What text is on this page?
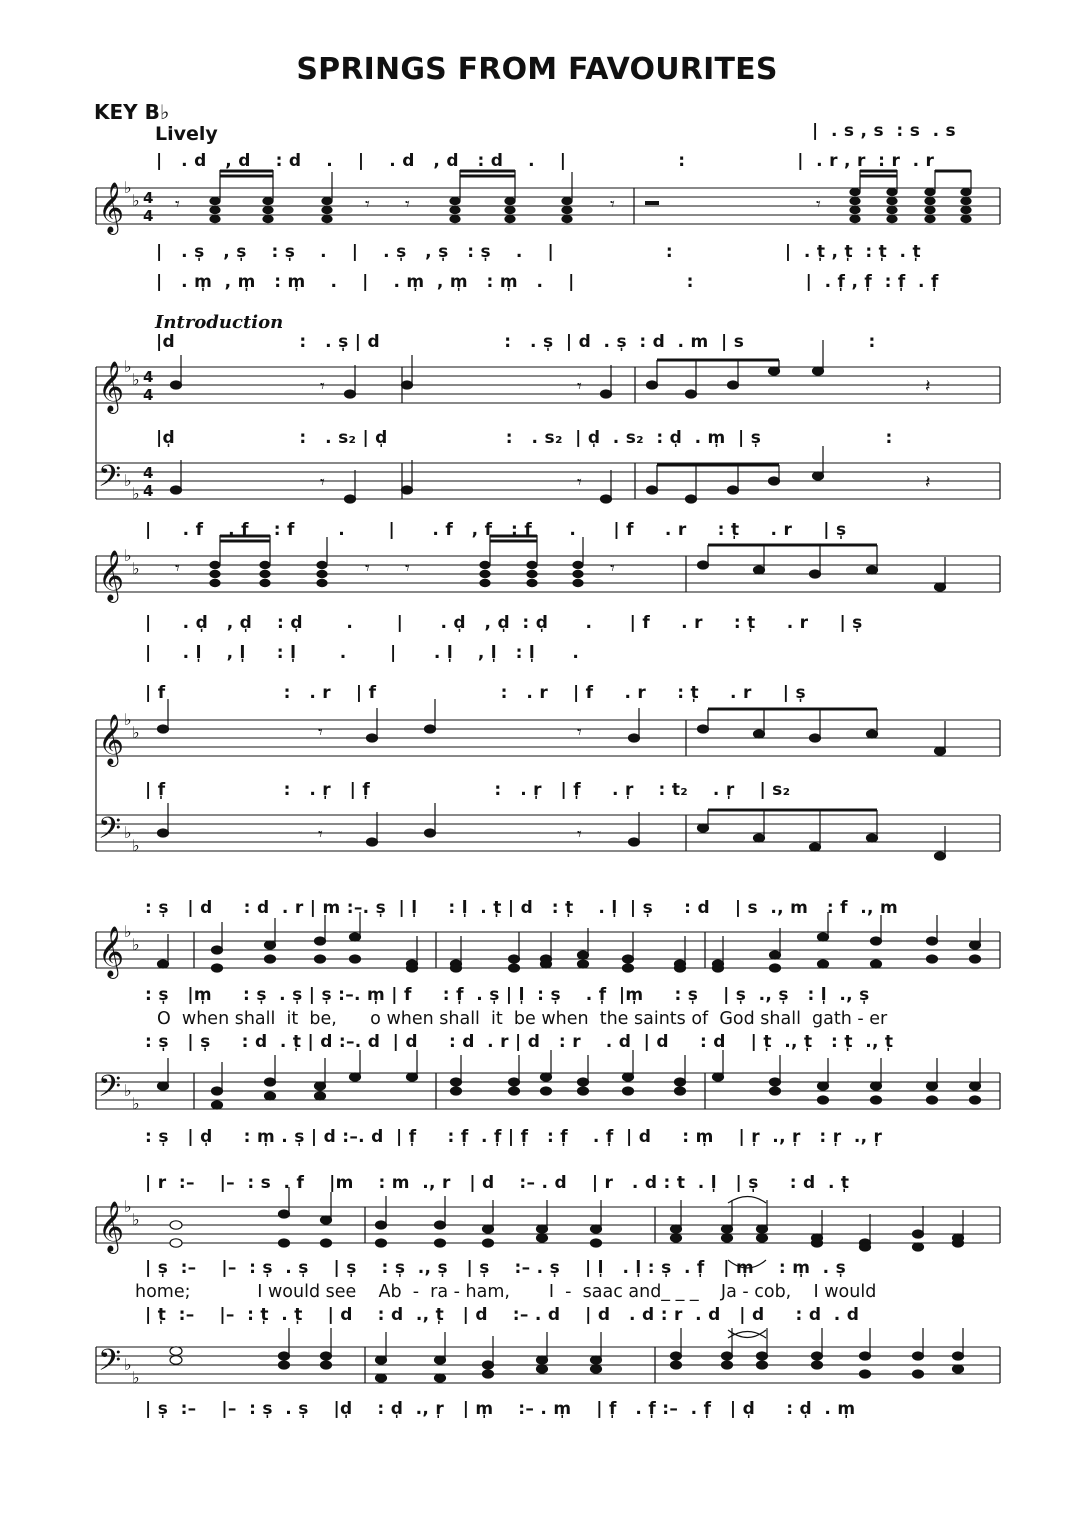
SPRINGS FROM FAVOURITES
KEY B♭
Lively
Introduction
|  . s , s  : s  . s
|   . d   , d    : d    .    |    . d   , d   : d    .    |                  :                  |  . r , r  : r  . r
|   . s̩   , s̩    : s̩    .    |    . s̩   , s̩   : s̩    .    |                  :                  |  . t̩ , t̩  : t̩  . t̩
|   . m̩  , m̩   : m̩    .    |    . m̩  , m̩   : m̩   .    |                  :                  |  . f̩ , f̩  : f̩  . f̩
|d                    :   . s̩ | d                    :   . s̩  | d  . s̩  : d  . m  | s                    :
|d̩                    :   . s₂ | d̩                   :   . s₂  | d̩  . s₂  : d̩  . m̩  | s̩                    :
|     . f    , f    : f       .       |      . f   , f   : f      .      | f     . r     : t̩     . r     | s̩
|     . d̩   , d̩    : d̩       .       |      . d̩   , d̩  : d̩      .      | f     . r     : t̩     . r     | s̩
|     . l̩    , l̩     : l̩       .       |      . l̩    , l̩   : l̩      .
| f                   :   . r    | f                    :   . r    | f     . r     : t̩     . r     | s̩
| f̩                   :   . r̩   | f̩                    :   . r̩   | f̩     . r̩    : t₂    . r̩    | s₂
: s̩   | d     : d  . r | m :–. s̩  | l̩     : l̩  . t̩ | d   : t̩    . l̩  | s̩     : d    | s  ., m   : f  ., m
: s̩   |m̩     : s̩  . s̩ | s̩ :–. m̩ | f     : f̩  . s̩ | l̩  : s̩    . f̩  |m̩     : s̩    | s̩  ., s̩   : l̩  ., s̩
O  when shall  it  be,      o when shall  it  be when  the saints of  God shall  gath - er
: s̩   | s̩     : d  . t̩ | d :–. d  | d     : d  . r | d   : r    . d  | d     : d    | t̩  ., t̩   : t̩  ., t̩
: s̩   | d̩     : m̩ . s̩ | d :–. d  | f̩     : f̩  . f̩ | f̩   : f̩    . f̩  | d     : m̩    | r̩  ., r̩   : r̩  ., r̩
| r  :–    |–  : s  . f    |m    : m  ., r   | d    :– . d    | r   . d : t  . l̩   | s̩     : d  . t̩
| s̩  :–    |–  : s̩  . s̩    | s̩    : s̩  ., s̩   | s̩    :– . s̩    | l̩   . l̩ : s̩  . f̩   | m̩    : m̩  . s̩
home;            I would see    Ab  -  ra - ham,       I  -  saac and_ _ _    Ja - cob,    I would
| t̩  :–    |–  : t̩  . t̩    | d    : d  ., t̩   | d    :– . d    | d   . d : r  . d   | d     : d  . d
| s̩  :–    |–  : s̩  . s̩    |d̩    : d̩  ., r̩   | m̩    :– . m̩    | f̩   . f̩ :–  . f̩   | d̩     : d̩  . m̩
𝄞
𝄞
𝄢
𝄞
𝄞
𝄢
𝄞
𝄢
𝄞
𝄢
♭
♭
♭
♭
♭
♭
♭
♭
♭
♭
♭
♭
♭
♭
♭
♭
♭
♭
♭
♭
4
4
4
4
4
4
𝄾	𝄾 𝄾	𝄾	𝄾
𝄾	𝄾	𝄽
𝄾	𝄾	𝄽
𝄾	𝄾 𝄾	𝄾
𝄾	𝄾
𝄾	𝄾
